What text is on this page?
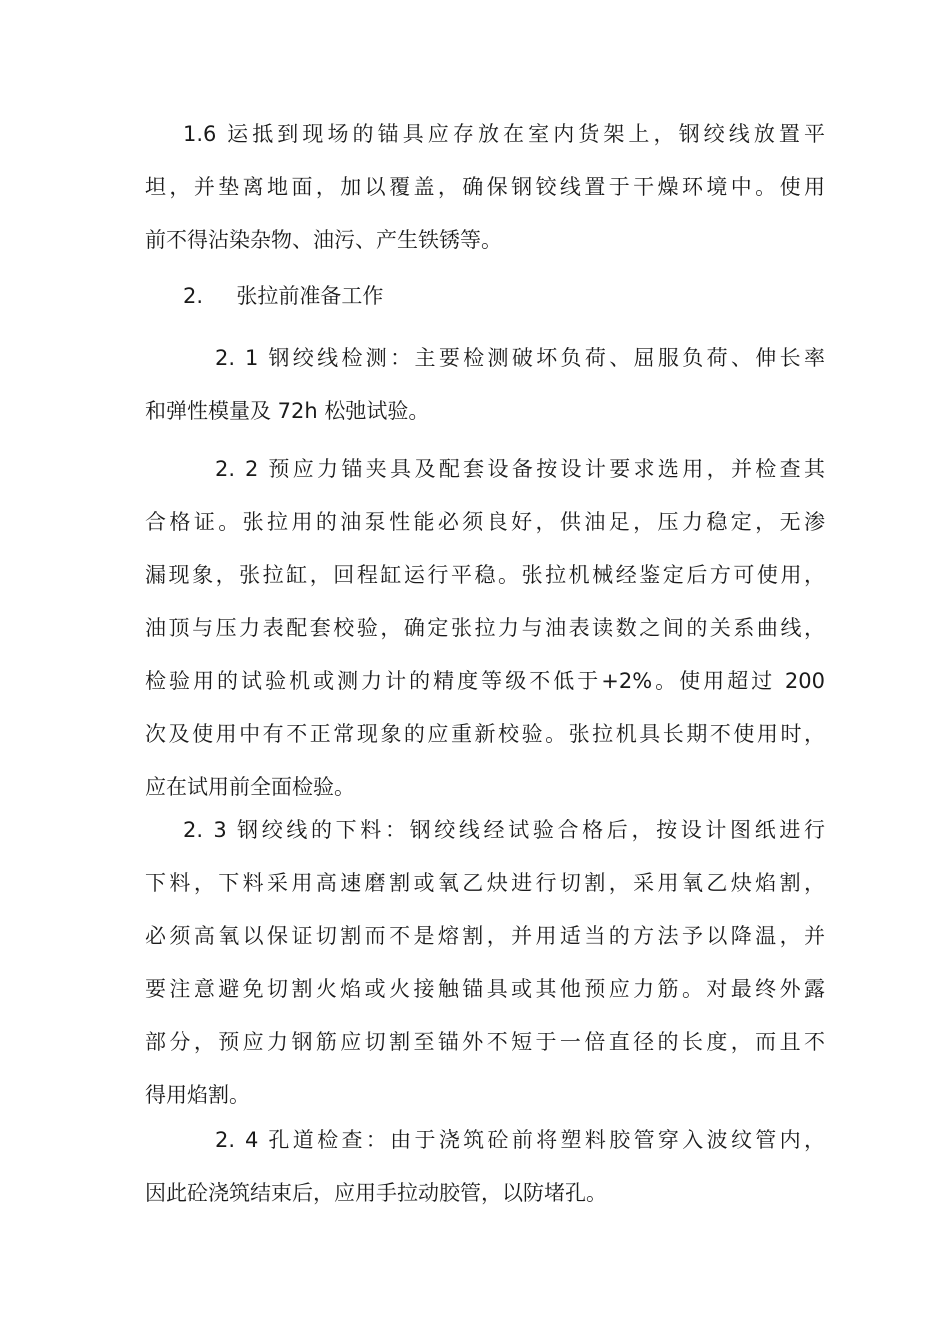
1.6 运抵到现场的锚具应存放在室内货架上，钢绞线放置平
坦，并垫离地面，加以覆盖，确保钢铰线置于干燥环境中。使用
前不得沾染杂物、油污、产生铁锈等。
2.     张拉前准备工作
2. 1 钢绞线检测：主要检测破坏负荷、屈服负荷、伸长率
和弹性模量及 72h 松弛试验。
2. 2 预应力锚夹具及配套设备按设计要求选用，并检查其
合格证。张拉用的油泵性能必须良好，供油足，压力稳定，无渗
漏现象，张拉缸，回程缸运行平稳。张拉机械经鉴定后方可使用，
油顶与压力表配套校验，确定张拉力与油表读数之间的关系曲线，
检验用的试验机或测力计的精度等级不低于+2%。使用超过 200
次及使用中有不正常现象的应重新校验。张拉机具长期不使用时，
应在试用前全面检验。
2. 3 钢绞线的下料：钢绞线经试验合格后，按设计图纸进行
下料，下料采用高速磨割或氧乙炔进行切割，采用氧乙炔焰割，
必须高氧以保证切割而不是熔割，并用适当的方法予以降温，并
要注意避免切割火焰或火接触锚具或其他预应力筋。对最终外露
部分，预应力钢筋应切割至锚外不短于一倍直径的长度，而且不
得用焰割。
2. 4 孔道检查：由于浇筑砼前将塑料胶管穿入波纹管内，
因此砼浇筑结束后，应用手拉动胶管，以防堵孔。
